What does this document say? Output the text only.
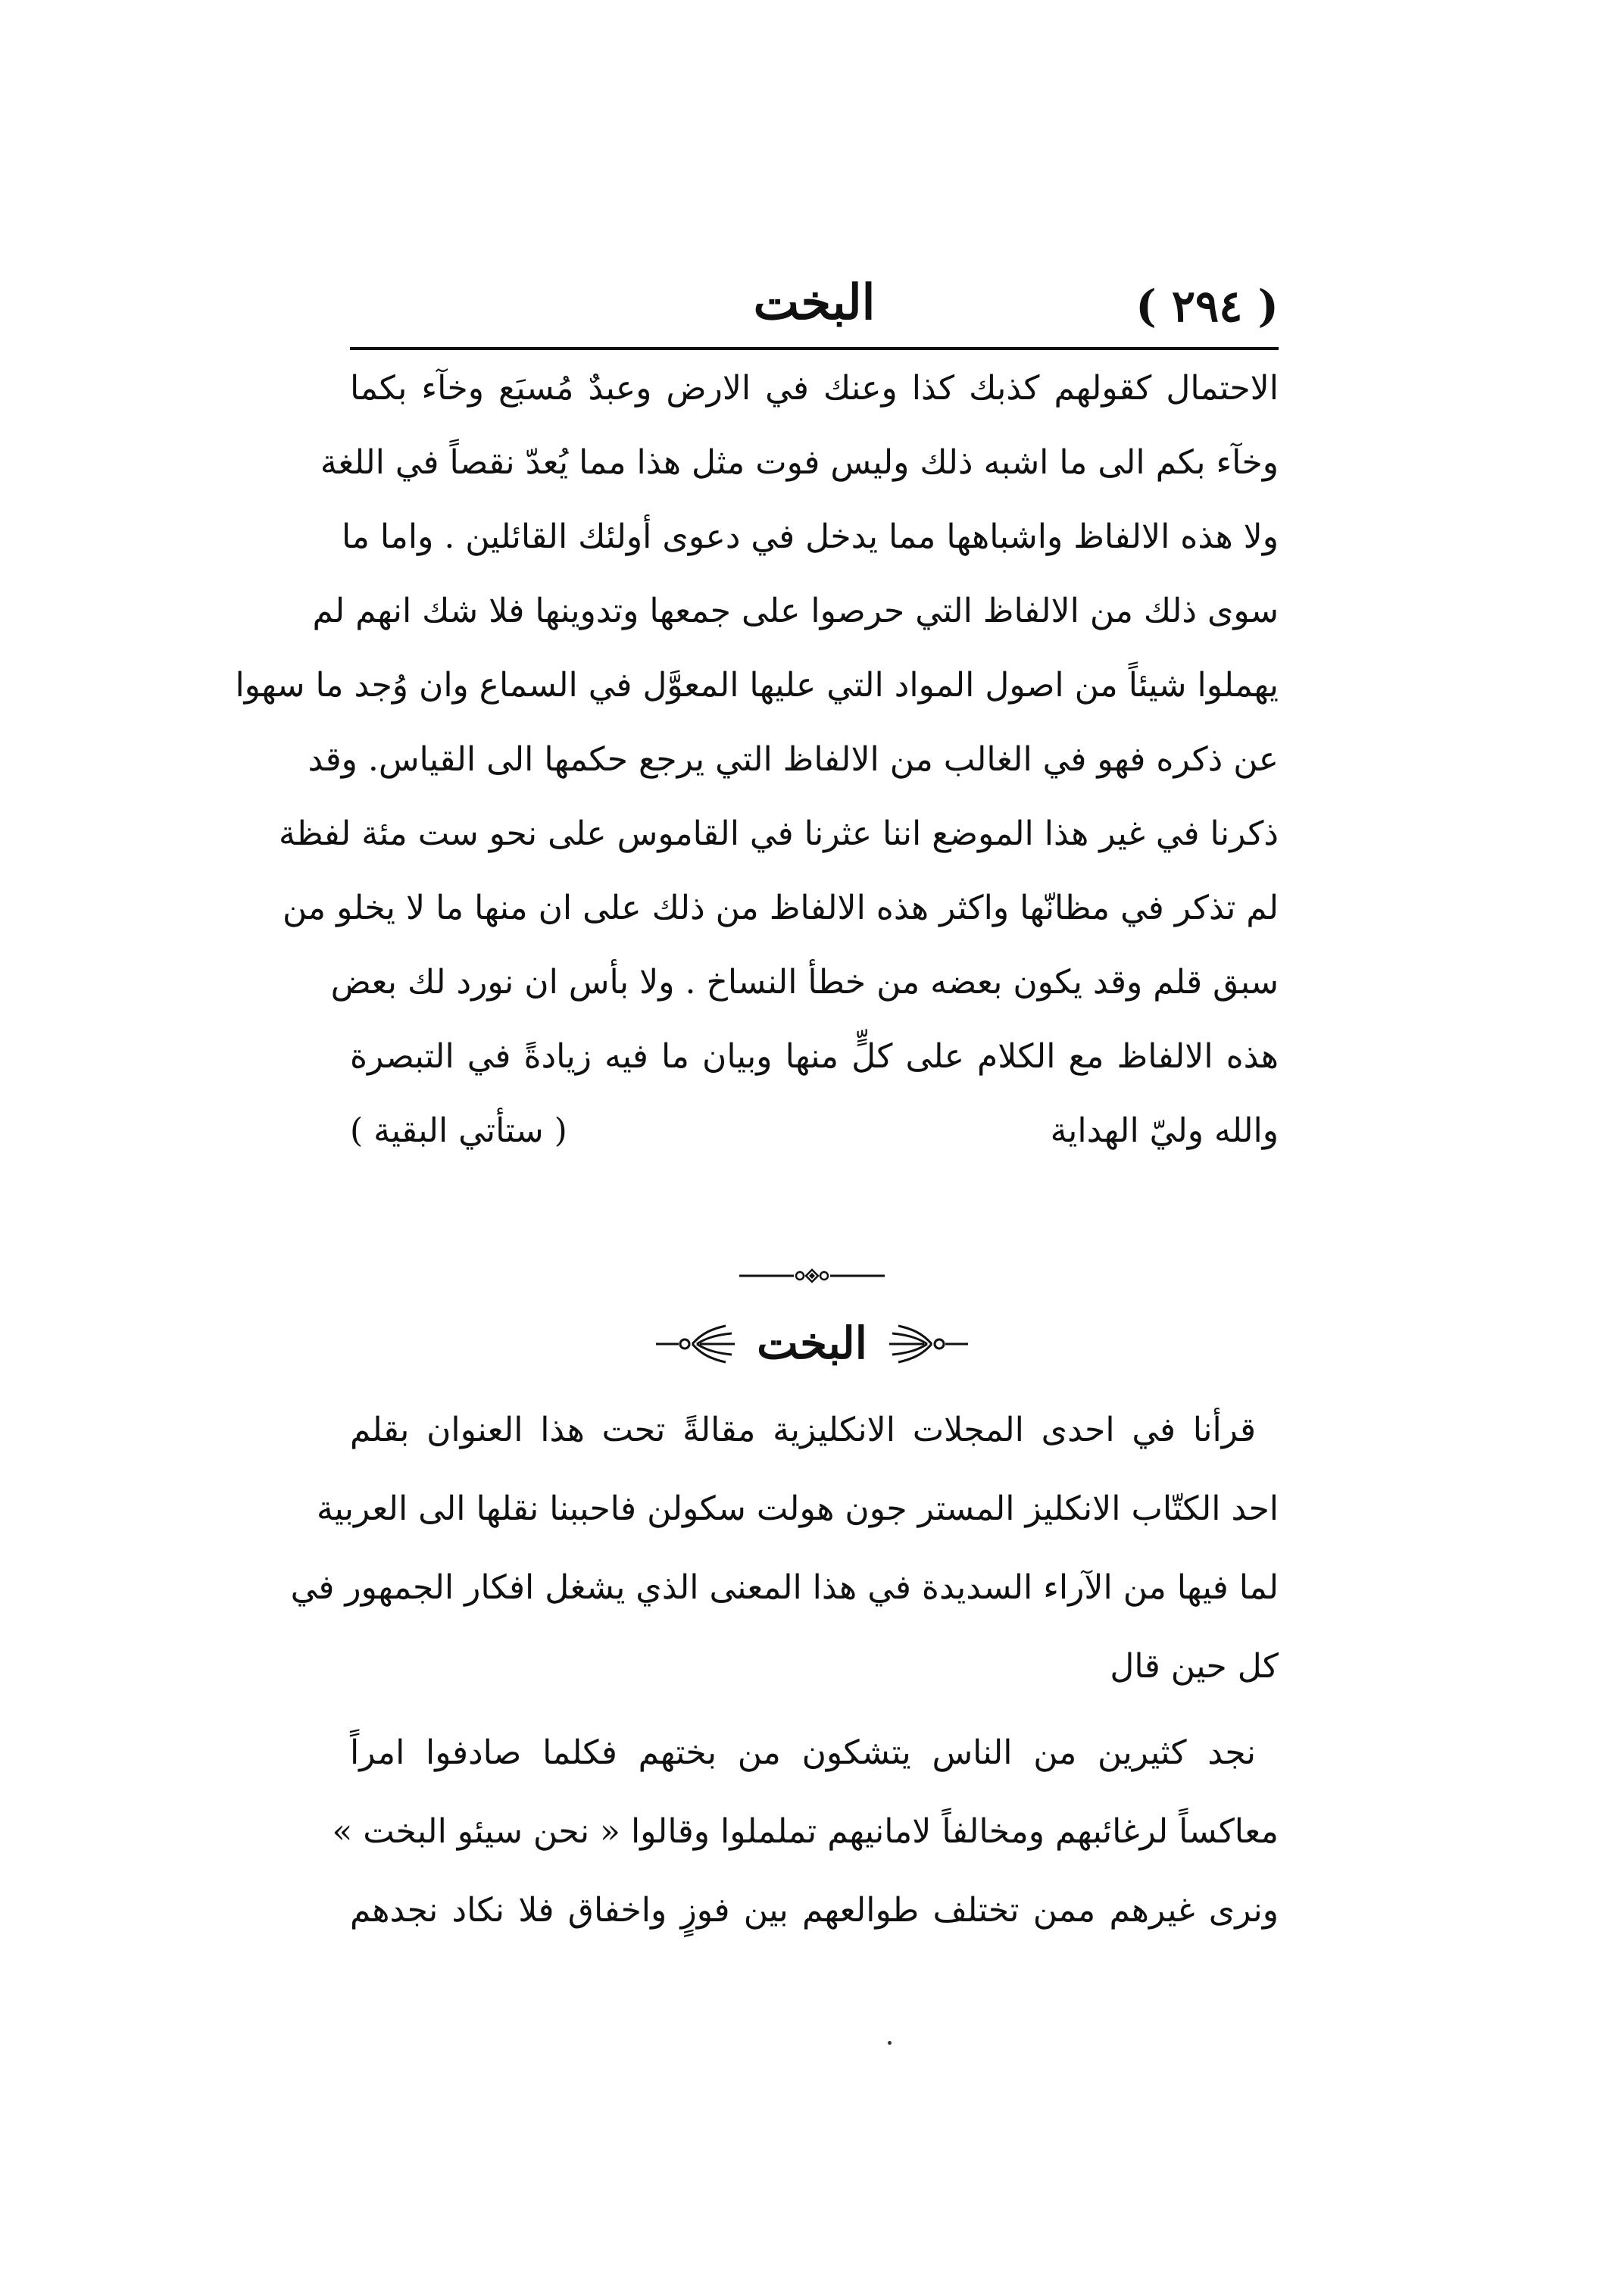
( ٢٩٤ )
البخت
الاحتمال كقولهم كذبك كذا وعنك في الارض وعبدٌ مُسبَع وخآء بكما
وخآء بكم الى ما اشبه ذلك وليس فوت مثل هذا مما يُعدّ نقصاً في اللغة
ولا هذه الالفاظ واشباهها مما يدخل في دعوى أولئك القائلين . واما ما
سوى ذلك من الالفاظ التي حرصوا على جمعها وتدوينها فلا شك انهم لم
يهملوا شيئاً من اصول المواد التي عليها المعوَّل في السماع وان وُجد ما سهوا
عن ذكره فهو في الغالب من الالفاظ التي يرجع حكمها الى القياس. وقد
ذكرنا في غير هذا الموضع اننا عثرنا في القاموس على نحو ست مئة لفظة
لم تذكر في مظانّها واكثر هذه الالفاظ من ذلك على ان منها ما لا يخلو من
سبق قلم وقد يكون بعضه من خطأ النساخ . ولا بأس ان نورد لك بعض
هذه الالفاظ مع الكلام على كلٍّ منها وبيان ما فيه زيادةً في التبصرة
والله وليّ الهداية
( ستأتي البقية )
البخت
قرأنا في احدى المجلات الانكليزية مقالةً تحت هذا العنوان بقلم
احد الكتّاب الانكليز المستر جون هولت سكولن فاحببنا نقلها الى العربية
لما فيها من الآراء السديدة في هذا المعنى الذي يشغل افكار الجمهور في
كل حين قال
نجد كثيرين من الناس يتشكون من بختهم فكلما صادفوا امراً
معاكساً لرغائبهم ومخالفاً لامانيهم تململوا وقالوا « نحن سيئو البخت »
ونرى غيرهم ممن تختلف طوالعهم بين فوزٍ واخفاق فلا نكاد نجدهم
